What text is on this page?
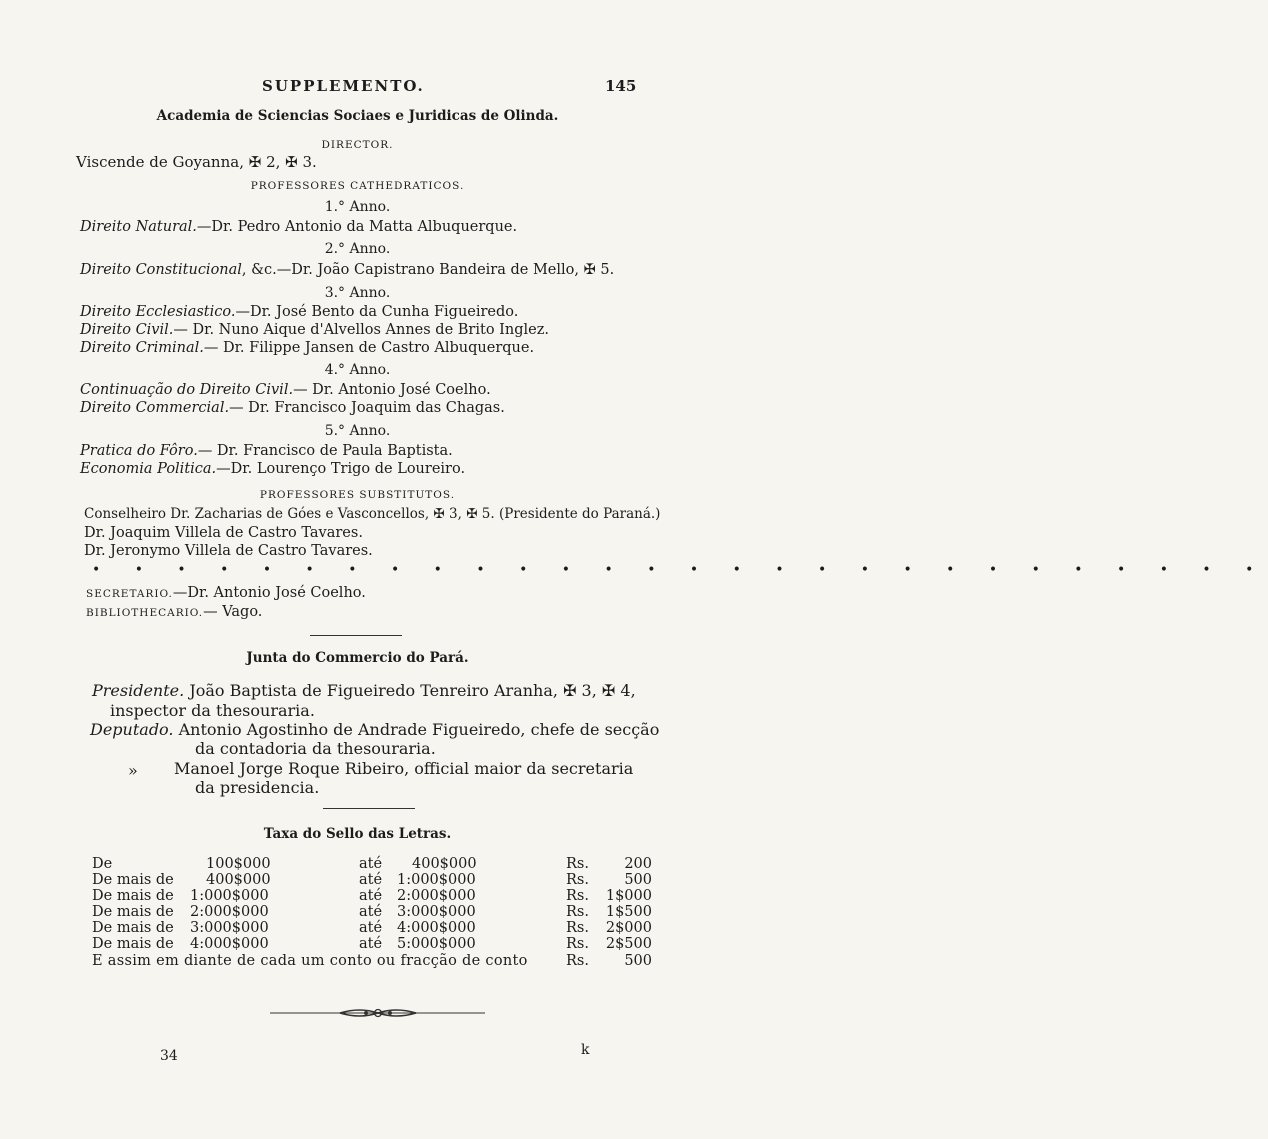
SUPPLEMENTO.	145
Academia de Sciencias Sociaes e Juridicas de Olinda.
DIRECTOR.
Viscende de Goyanna, ✠ 2, ✠ 3.
PROFESSORES CATHEDRATICOS.
1.° Anno.
Direito Natural.—Dr. Pedro Antonio da Matta Albuquerque.
2.° Anno.
Direito Constitucional, &c.—Dr. João Capistrano Bandeira de Mello, ✠ 5.
3.° Anno.
Direito Ecclesiastico.—Dr. José Bento da Cunha Figueiredo.
Direito Civil.— Dr. Nuno Aique d'Alvellos Annes de Brito Inglez.
Direito Criminal.— Dr. Filippe Jansen de Castro Albuquerque.
4.° Anno.
Continuação do Direito Civil.— Dr. Antonio José Coelho.
Direito Commercial.— Dr. Francisco Joaquim das Chagas.
5.° Anno.
Pratica do Fôro.— Dr. Francisco de Paula Baptista.
Economia Politica.—Dr. Lourenço Trigo de Loureiro.
PROFESSORES SUBSTITUTOS.
Conselheiro Dr. Zacharias de Góes e Vasconcellos, ✠ 3, ✠ 5. (Presidente do Paraná.)
Dr. Joaquim Villela de Castro Tavares.
Dr. Jeronymo Villela de Castro Tavares.
• • • • • • • • • • • • • • • • • • • • • • • • • • • •
SECRETARIO.—Dr. Antonio José Coelho.
BIBLIOTHECARIO.— Vago.
Junta do Commercio do Pará.
Presidente. João Baptista de Figueiredo Tenreiro Aranha, ✠ 3, ✠ 4,
inspector da thesouraria.
Deputado. Antonio Agostinho de Andrade Figueiredo, chefe de secção
da contadoria da thesouraria.
» Manoel Jorge Roque Ribeiro, official maior da secretaria
da presidencia.
Taxa do Sello das Letras.
De	100$000	até 400$000	Rs.	200
De mais de 400$000	até 1:000$000	Rs.	500
De mais de 1:000$000	até 2:000$000	Rs.	1$000
De mais de 2:000$000	até 3:000$000	Rs.	1$500
De mais de 3:000$000	até 4:000$000	Rs.	2$000
De mais de 4:000$000	até 5:000$000	Rs.	2$500
E assim em diante de cada um conto ou fracção de conto	Rs.	500
34	k
